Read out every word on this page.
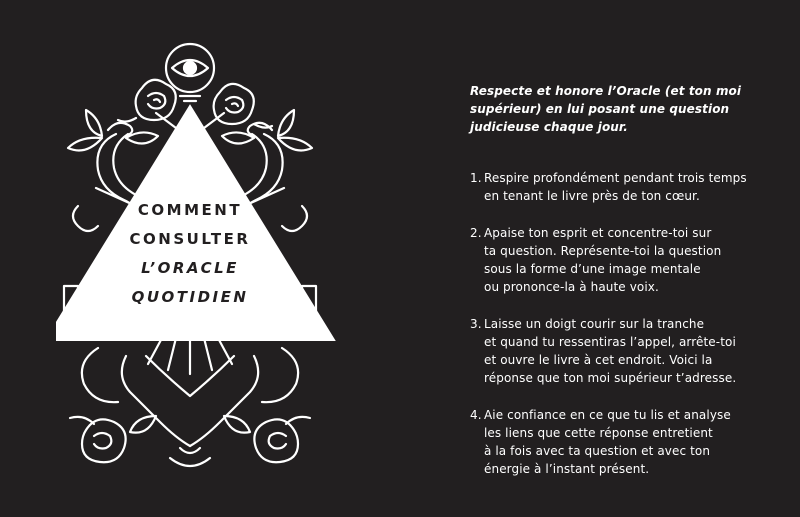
COMMENT
CONSULTER
L’ORACLE
QUOTIDIEN

Respecte et honore l’Oracle (et ton moi
supérieur) en lui posant une question
judicieuse chaque jour.

1. Respire profondément pendant trois temps
en tenant le livre près de ton cœur.
2. Apaise ton esprit et concentre-toi sur
ta question. Représente-toi la question
sous la forme d’une image mentale
ou prononce-la à haute voix.
3. Laisse un doigt courir sur la tranche
et quand tu ressentiras l’appel, arrête-toi
et ouvre le livre à cet endroit. Voici la
réponse que ton moi supérieur t’adresse.
4. Aie confiance en ce que tu lis et analyse
les liens que cette réponse entretient
à la fois avec ta question et avec ton
énergie à l’instant présent.
